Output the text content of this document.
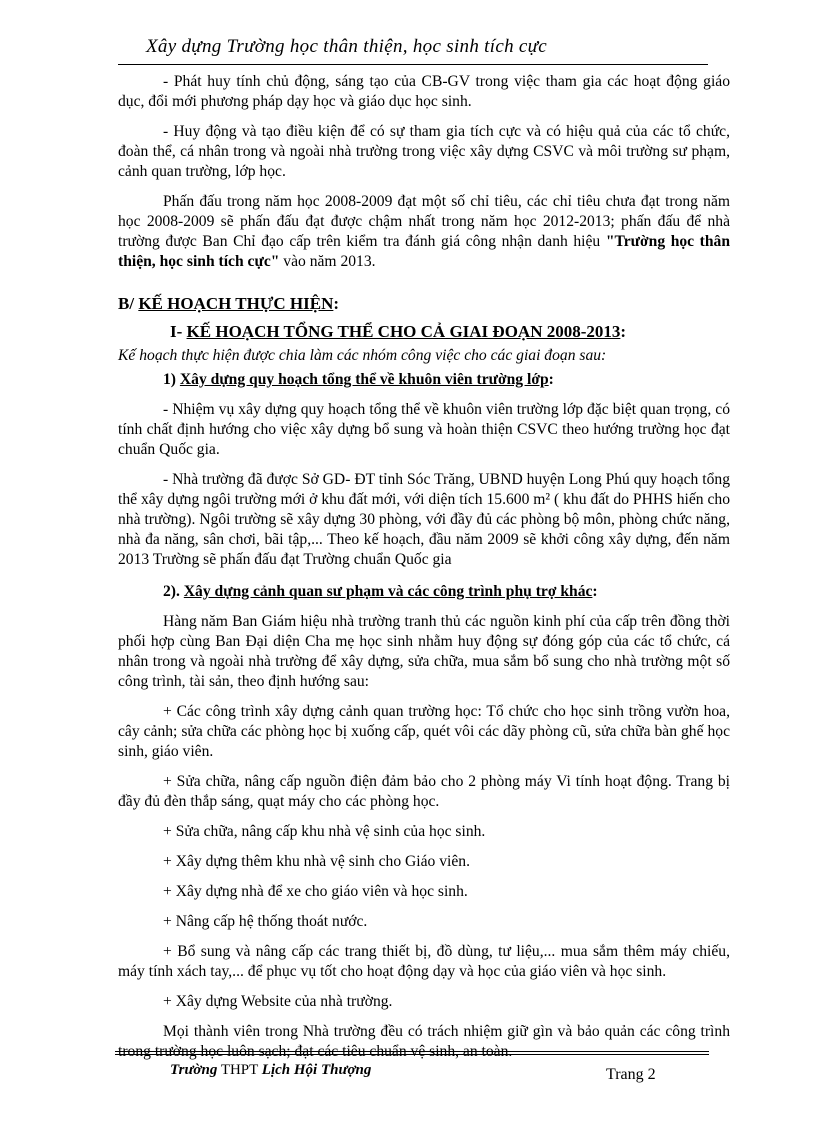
Xây dựng Trường học thân thiện, học sinh tích cực

- Phát huy tính chủ động, sáng tạo của CB-GV trong việc tham gia các hoạt động giáo dục, đổi mới phương pháp dạy học và giáo dục học sinh.

- Huy động và tạo điều kiện để có sự tham gia tích cực và có hiệu quả của các tổ chức, đoàn thể, cá nhân trong và ngoài nhà trường trong việc xây dựng CSVC và môi trường sư phạm, cảnh quan trường, lớp học.

Phấn đấu trong năm học 2008-2009 đạt một số chỉ tiêu, các chỉ tiêu chưa đạt trong năm học 2008-2009 sẽ phấn đấu đạt được chậm nhất trong năm học 2012-2013; phấn đấu để nhà trường được Ban Chỉ đạo cấp trên kiểm tra đánh giá công nhận danh hiệu "Trường học thân thiện, học sinh tích cực" vào năm 2013.

B/ KẾ HOẠCH THỰC HIỆN:
I- KẾ HOẠCH TỔNG THỂ CHO CẢ GIAI ĐOẠN 2008-2013:
Kế hoạch thực hiện được chia làm các nhóm công việc cho các giai đoạn sau:
1) Xây dựng quy hoạch tổng thể về khuôn viên trường lớp:

- Nhiệm vụ xây dựng quy hoạch tổng thể về khuôn viên trường lớp đặc biệt quan trọng, có tính chất định hướng cho việc xây dựng bổ sung và hoàn thiện CSVC theo hướng trường học đạt chuẩn Quốc gia.

- Nhà trường đã được Sở GD- ĐT tỉnh Sóc Trăng, UBND huyện Long Phú quy hoạch tổng thể xây dựng ngôi trường mới ở khu đất mới, với diện tích 15.600 m² ( khu đất do PHHS hiến cho nhà trường). Ngôi trường sẽ xây dựng 30 phòng, với đầy đủ các phòng bộ môn, phòng chức năng, nhà đa năng, sân chơi, bãi tập,... Theo kế hoạch, đầu năm 2009 sẽ khởi công xây dựng, đến năm 2013 Trường sẽ phấn đấu đạt Trường chuẩn Quốc gia

2). Xây dựng cảnh quan sư phạm và các công trình phụ trợ khác:

Hàng năm Ban Giám hiệu nhà trường tranh thủ các nguồn kinh phí của cấp trên đồng thời phối hợp cùng Ban Đại diện Cha mẹ học sinh nhằm huy động sự đóng góp của các tổ chức, cá nhân trong và ngoài nhà trường để xây dựng, sửa chữa, mua sắm bổ sung cho nhà trường một số công trình, tài sản, theo định hướng sau:

+ Các công trình xây dựng cảnh quan trường học: Tổ chức cho học sinh trồng vườn hoa, cây cảnh; sửa chữa các phòng học bị xuống cấp, quét vôi các dãy phòng cũ, sửa chữa bàn ghế học sinh, giáo viên.

+ Sửa chữa, nâng cấp nguồn điện đảm bảo cho 2 phòng máy Vi tính hoạt động. Trang bị đầy đủ đèn thắp sáng, quạt máy cho các phòng học.

+ Sửa chữa, nâng cấp khu nhà vệ sinh của học sinh.

+ Xây dựng thêm khu nhà vệ sinh cho Giáo viên.

+ Xây dựng nhà để xe cho giáo viên và học sinh.

+ Nâng cấp hệ thống thoát nước.

+ Bổ sung và nâng cấp các trang thiết bị, đồ dùng, tư liệu,... mua sắm thêm máy chiếu, máy tính xách tay,... để phục vụ tốt cho hoạt động dạy và học của giáo viên và học sinh.

+ Xây dựng Website của nhà trường.

Mọi thành viên trong Nhà trường đều có trách nhiệm giữ gìn và bảo quản các công trình trong trường học luôn sạch; đạt các tiêu chuẩn vệ sinh, an toàn.

Trường THPT Lịch Hội Thượng	Trang 2
